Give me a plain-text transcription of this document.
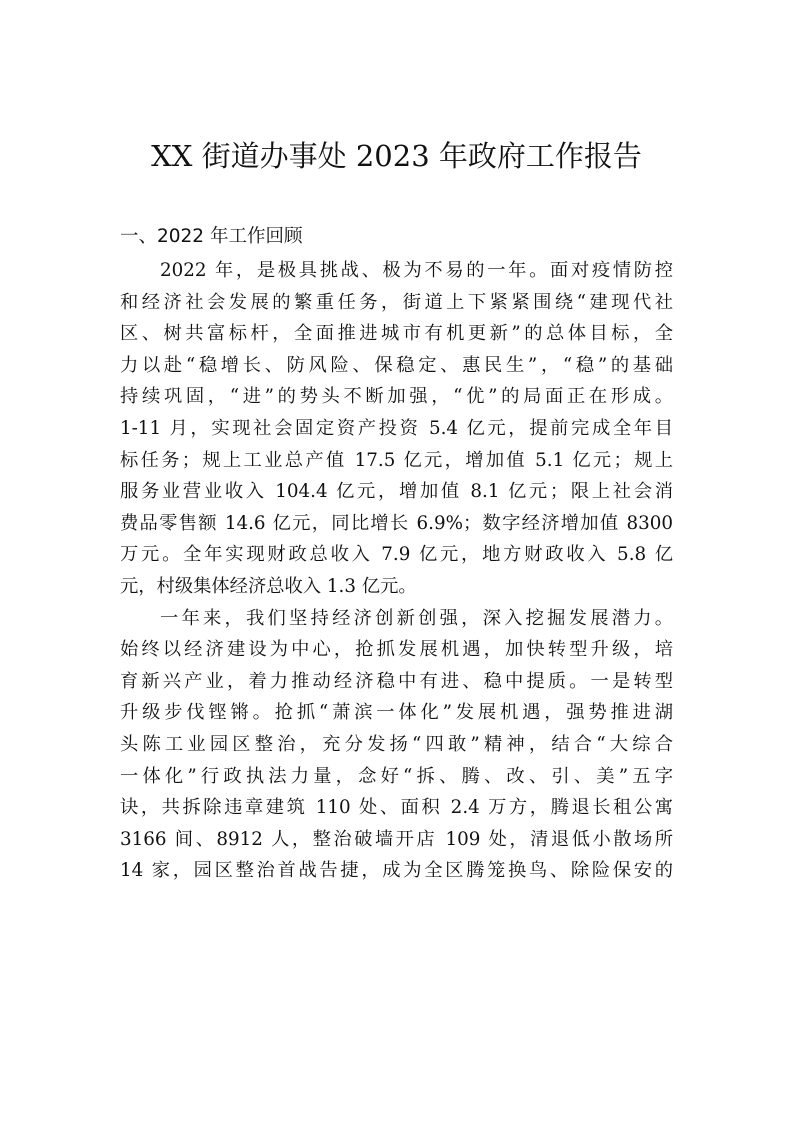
XX 街道办事处 2023 年政府工作报告
一、2022 年工作回顾
2022 年，是极具挑战、极为不易的一年。面对疫情防控
和经济社会发展的繁重任务，街道上下紧紧围绕“建现代社
区、树共富标杆，全面推进城市有机更新”的总体目标，全
力以赴“稳增长、防风险、保稳定、惠民生”，“稳”的基础
持续巩固，“进”的势头不断加强，“优”的局面正在形成。
1-11 月，实现社会固定资产投资 5.4 亿元，提前完成全年目
标任务；规上工业总产值 17.5 亿元，增加值 5.1 亿元；规上
服务业营业收入 104.4 亿元，增加值 8.1 亿元；限上社会消
费品零售额 14.6 亿元，同比增长 6.9%；数字经济增加值 8300
万元。全年实现财政总收入 7.9 亿元，地方财政收入 5.8 亿
元，村级集体经济总收入 1.3 亿元。
一年来，我们坚持经济创新创强，深入挖掘发展潜力。
始终以经济建设为中心，抢抓发展机遇，加快转型升级，培
育新兴产业，着力推动经济稳中有进、稳中提质。一是转型
升级步伐铿锵。抢抓“萧滨一体化”发展机遇，强势推进湖
头陈工业园区整治，充分发扬“四敢”精神，结合“大综合
一体化”行政执法力量，念好“拆、腾、改、引、美”五字
诀，共拆除违章建筑 110 处、面积 2.4 万方，腾退长租公寓
3166 间、8912 人，整治破墙开店 109 处，清退低小散场所
14 家，园区整治首战告捷，成为全区腾笼换鸟、除险保安的
